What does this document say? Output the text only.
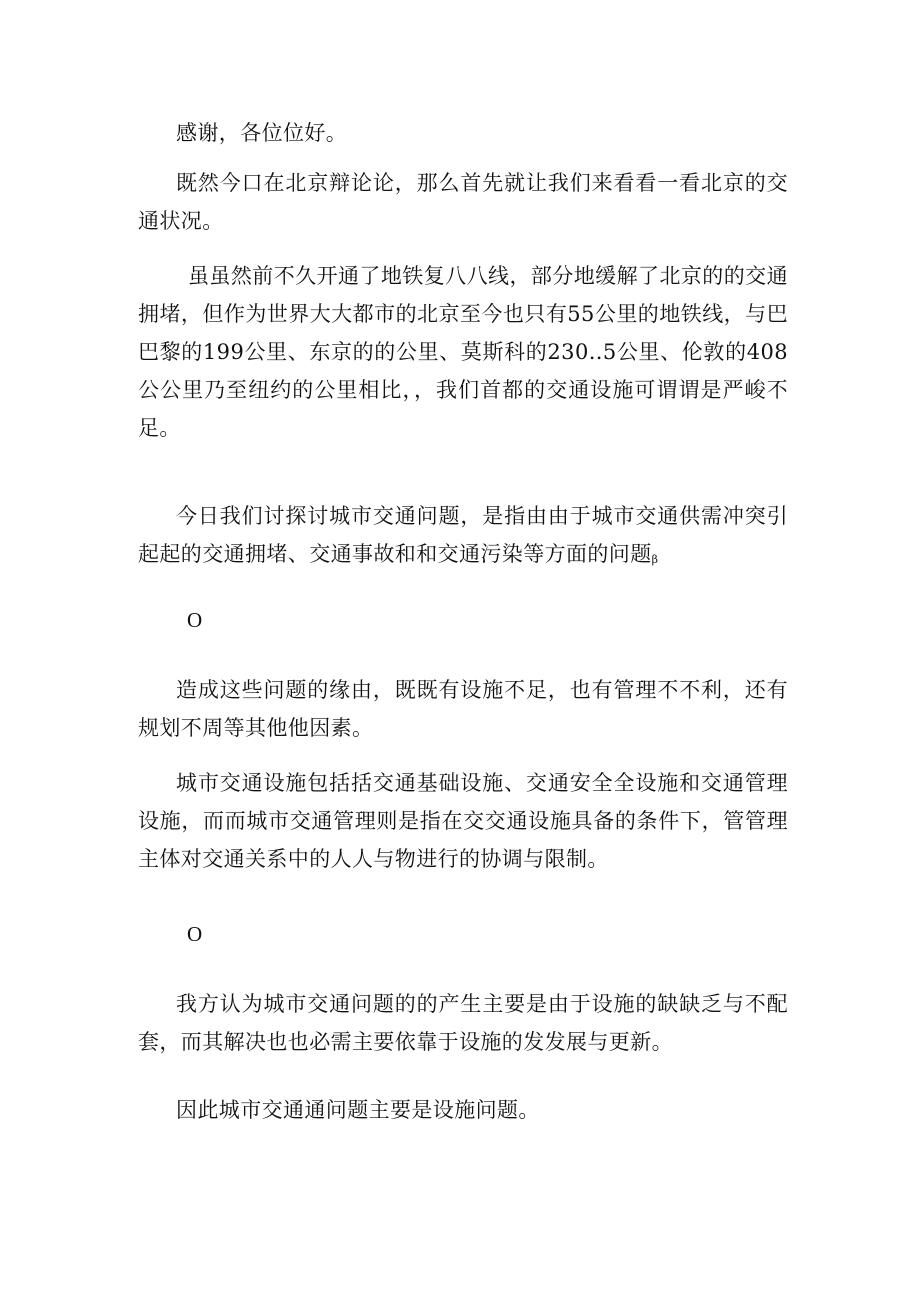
感谢，各位位好。

既然今口在北京辩论论，那么首先就让我们来看看一看北京的交通状况。

虽虽然前不久开通了地铁复八八线，部分地缓解了北京的的交通拥堵，但作为世界大大都市的北京至今也只有55公里的地铁线，与巴巴黎的199公里、东京的的公里、莫斯科的230..5公里、伦敦的408公公里乃至纽约的公里相比，，我们首都的交通设施可谓谓是严峻不足。

今日我们讨探讨城市交通问题，是指由由于城市交通供需冲突引起起的交通拥堵、交通事故和和交通污染等方面的问题β

O

造成这些问题的缘由，既既有设施不足，也有管理不不利，还有规划不周等其他他因素。

城市交通设施包括括交通基础设施、交通安全全设施和交通管理设施，而而城市交通管理则是指在交交通设施具备的条件下，管管理主体对交通关系中的人人与物进行的协调与限制。

O

我方认为城市交通问题的的产生主要是由于设施的缺缺乏与不配套，而其解决也也必需主要依靠于设施的发发展与更新。

因此城市交通通问题主要是设施问题。
